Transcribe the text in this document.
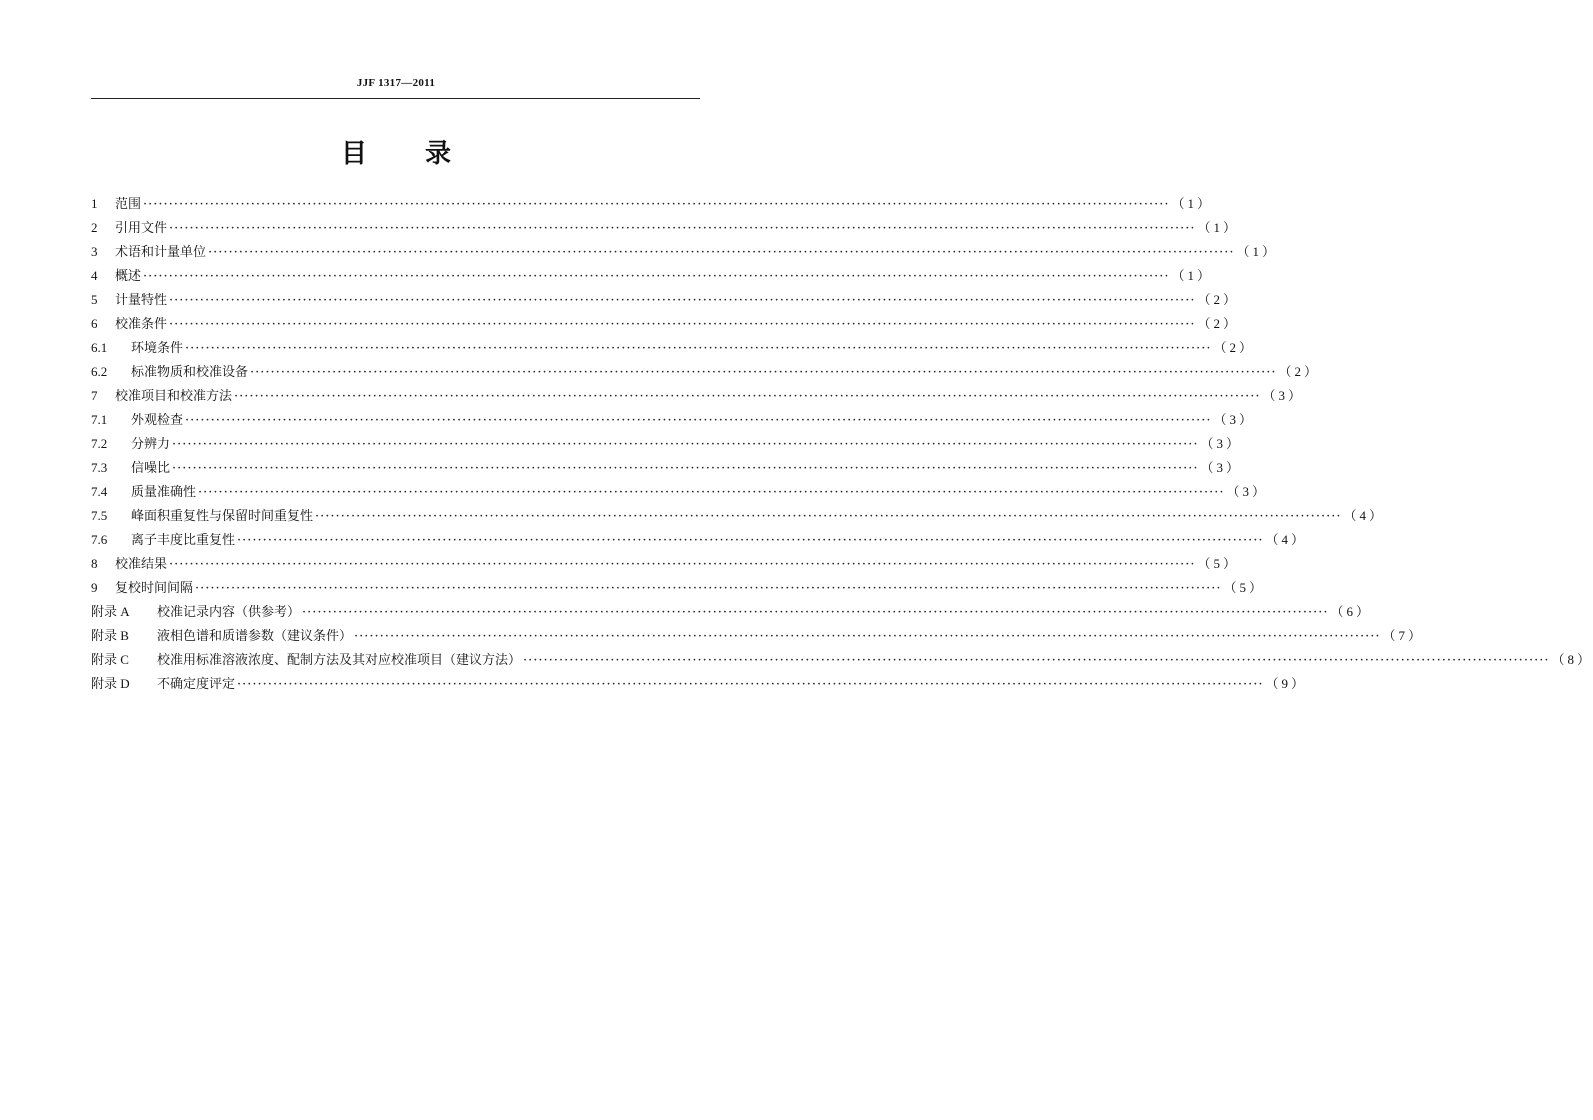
JJF 1317—2011
目 录
1	范围 ········································································································································································································ （1）
2	引用文件 ········································································································································································································ （1）
3	术语和计量单位 ········································································································································································································ （1）
4	概述 ········································································································································································································ （1）
5	计量特性 ········································································································································································································ （2）
6	校准条件 ········································································································································································································ （2）
6.1	环境条件 ········································································································································································································ （2）
6.2	标准物质和校准设备 ········································································································································································································ （2）
7	校准项目和校准方法 ········································································································································································································ （3）
7.1	外观检查 ········································································································································································································ （3）
7.2	分辨力 ········································································································································································································ （3）
7.3	信噪比 ········································································································································································································ （3）
7.4	质量准确性 ········································································································································································································ （3）
7.5	峰面积重复性与保留时间重复性 ········································································································································································································ （4）
7.6	离子丰度比重复性 ········································································································································································································ （4）
8	校准结果 ········································································································································································································ （5）
9	复校时间间隔 ········································································································································································································ （5）
附录 A	校准记录内容（供参考） ········································································································································································································ （6）
附录 B	液相色谱和质谱参数（建议条件） ········································································································································································································ （7）
附录 C	校准用标准溶液浓度、配制方法及其对应校准项目（建议方法） ········································································································································································································ （8）
附录 D	不确定度评定 ········································································································································································································ （9）
